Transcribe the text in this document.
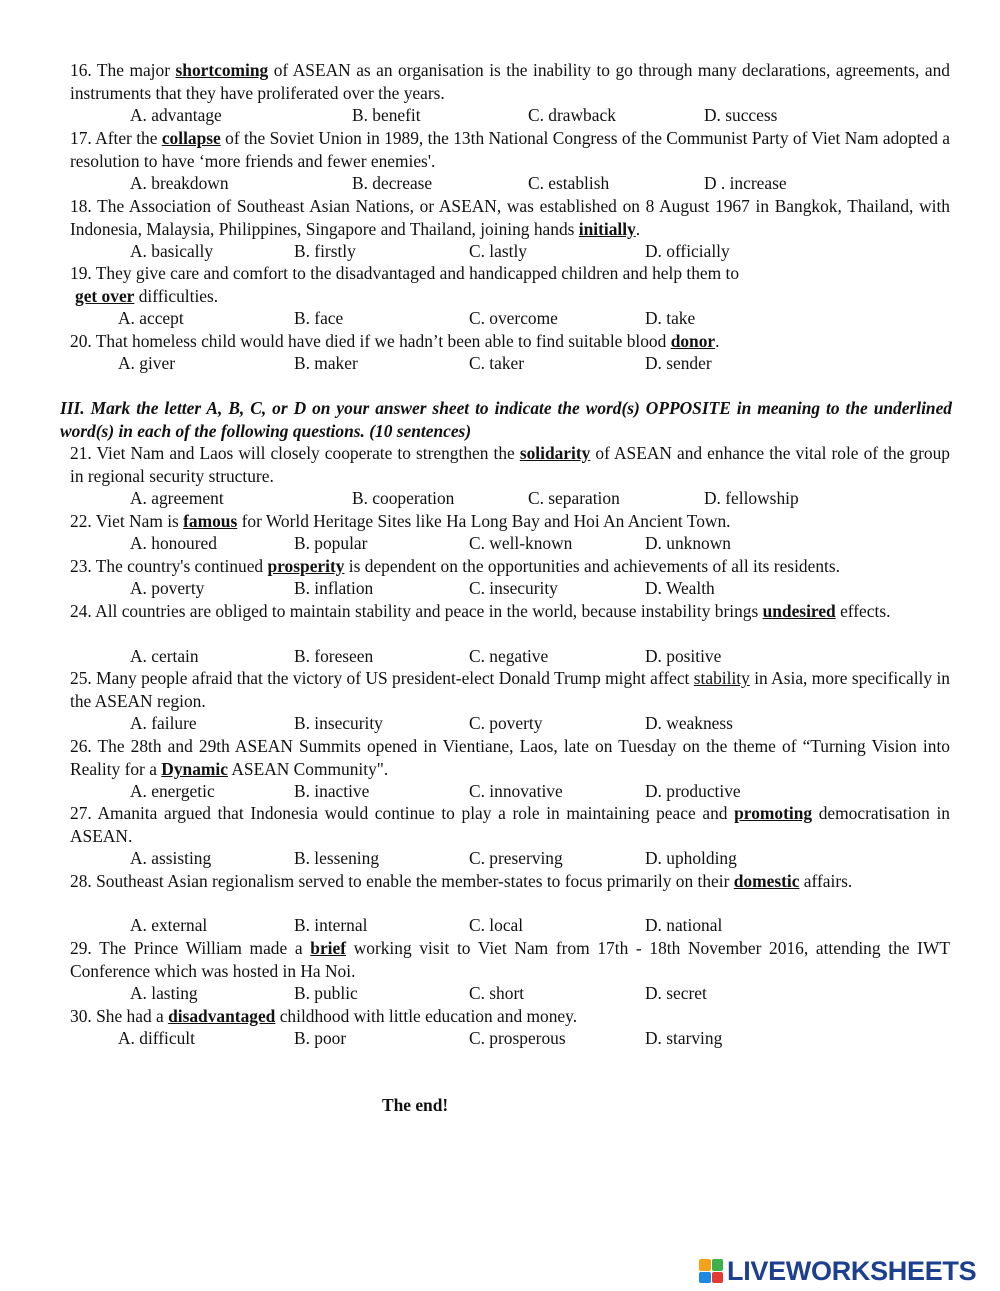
16. The major shortcoming of ASEAN as an organisation is the inability to go through many declarations, agreements, and instruments that they have proliferated over the years.
A. advantage	B. benefit	C. drawback	D. success
17. After the collapse of the Soviet Union in 1989, the 13th National Congress of the Communist Party of Viet Nam adopted a resolution to have ‘more friends and fewer enemies'.
A. breakdown	B. decrease	C. establish	D . increase
18. The Association of Southeast Asian Nations, or ASEAN, was established on 8 August 1967 in Bangkok, Thailand, with Indonesia, Malaysia, Philippines, Singapore and Thailand, joining hands initially.
A. basically	B. firstly	C. lastly	D. officially
19. They give care and comfort to the disadvantaged and handicapped children and help them to
get over difficulties.
A. accept	B. face	C. overcome	D. take
20. That homeless child would have died if we hadn’t been able to find suitable blood donor.
A. giver	B. maker	C. taker	D. sender
III. Mark the letter A, B, C, or D on your answer sheet to indicate the word(s) OPPOSITE in meaning to the underlined word(s) in each of the following questions. (10 sentences)
21. Viet Nam and Laos will closely cooperate to strengthen the solidarity of ASEAN and enhance the vital role of the group in regional security structure.
A. agreement	B. cooperation	C. separation	D. fellowship
22. Viet Nam is famous for World Heritage Sites like Ha Long Bay and Hoi An Ancient Town.
A. honoured	B. popular	C. well-known	D. unknown
23. The country's continued prosperity is dependent on the opportunities and achievements of all its residents.
A. poverty	B. inflation	C. insecurity	D. Wealth
24. All countries are obliged to maintain stability and peace in the world, because instability brings undesired effects.
A. certain	B. foreseen	C. negative	D. positive
25. Many people afraid that the victory of US president-elect Donald Trump might affect stability in Asia, more specifically in the ASEAN region.
A. failure	B. insecurity	C. poverty	D. weakness
26. The 28th and 29th ASEAN Summits opened in Vientiane, Laos, late on Tuesday on the theme of “Turning Vision into Reality for a Dynamic ASEAN Community".
A. energetic	B. inactive	C. innovative	D. productive
27. Amanita argued that Indonesia would continue to play a role in maintaining peace and promoting democratisation in ASEAN.
A. assisting	B. lessening	C. preserving	D. upholding
28. Southeast Asian regionalism served to enable the member-states to focus primarily on their domestic affairs.
A. external	B. internal	C. local	D. national
29. The Prince William made a brief working visit to Viet Nam from 17th - 18th November 2016, attending the IWT Conference which was hosted in Ha Noi.
A. lasting	B. public	C. short	D. secret
30. She had a disadvantaged childhood with little education and money.
A. difficult	B. poor	C. prosperous	D. starving
The end!
LIVEWORKSHEETS
